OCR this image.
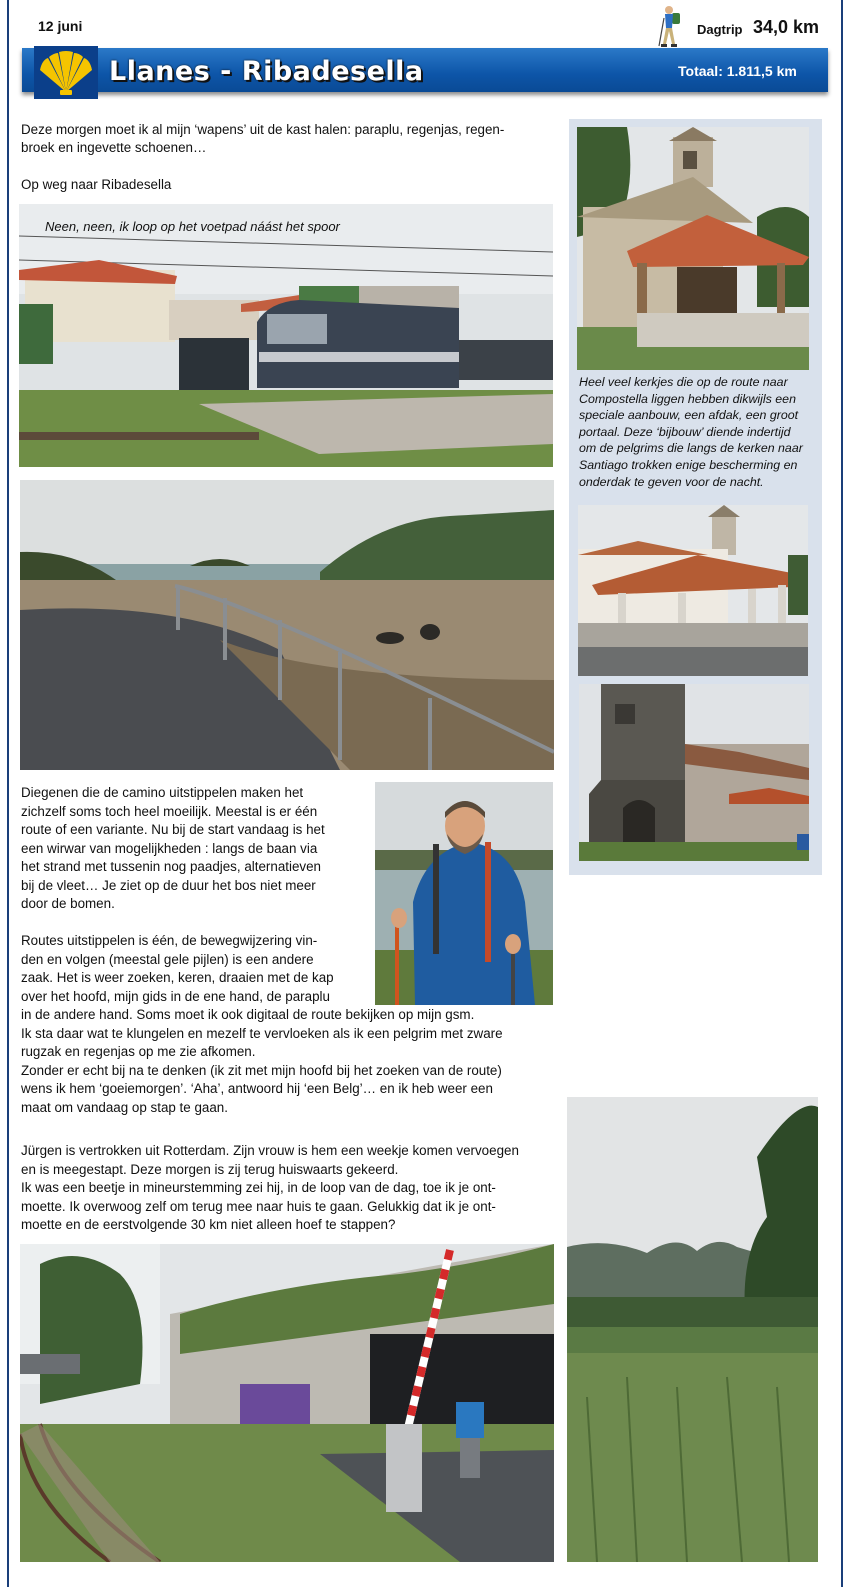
12 juni	Dagtrip 34,0 km
Llanes - Ribadesella	Totaal: 1.811,5 km
Deze morgen moet ik al mijn ‘wapens’ uit de kast halen: paraplu, regenjas, regen-
broek en ingevette schoenen…
Op weg naar Ribadesella
Neen, neen, ik loop op het voetpad náást het spoor
Diegenen die de camino uitstippelen maken het
zichzelf soms toch heel moeilijk. Meestal is er één
route of een variante. Nu bij de start vandaag is het
een wirwar van mogelijkheden : langs de baan via
het strand met tussenin nog paadjes, alternatieven
bij de vleet… Je ziet op de duur het bos niet meer
door de bomen.
Routes uitstippelen is één, de bewegwijzering vin-
den en volgen (meestal gele pijlen) is een andere
zaak. Het is weer zoeken, keren, draaien met de kap
over het hoofd, mijn gids in de ene hand, de paraplu
in de andere hand. Soms moet ik ook digitaal de route bekijken op mijn gsm.
Ik sta daar wat te klungelen en mezelf te vervloeken als ik een pelgrim met zware
rugzak en regenjas op me zie afkomen.
Zonder er echt bij na te denken (ik zit met mijn hoofd bij het zoeken van de route)
wens ik hem ‘goeiemorgen’. ‘Aha’, antwoord hij ‘een Belg’… en ik heb weer een
maat om vandaag op stap te gaan.
Jürgen is vertrokken uit Rotterdam. Zijn vrouw is hem een weekje komen vervoegen
en is meegestapt. Deze morgen is zij terug huiswaarts gekeerd.
Ik was een beetje in mineurstemming zei hij, in de loop van de dag, toe ik je ont-
moette. Ik overwoog zelf om terug mee naar huis te gaan. Gelukkig dat ik je ont-
moette en de eerstvolgende 30 km niet alleen hoef te stappen?
Heel veel kerkjes die op de route naar
Compostella liggen hebben dikwijls een
speciale aanbouw, een afdak, een groot
portaal. Deze ‘bijbouw’ diende indertijd
om de pelgrims die langs de kerken naar
Santiago trokken enige bescherming en
onderdak te geven voor de nacht.
